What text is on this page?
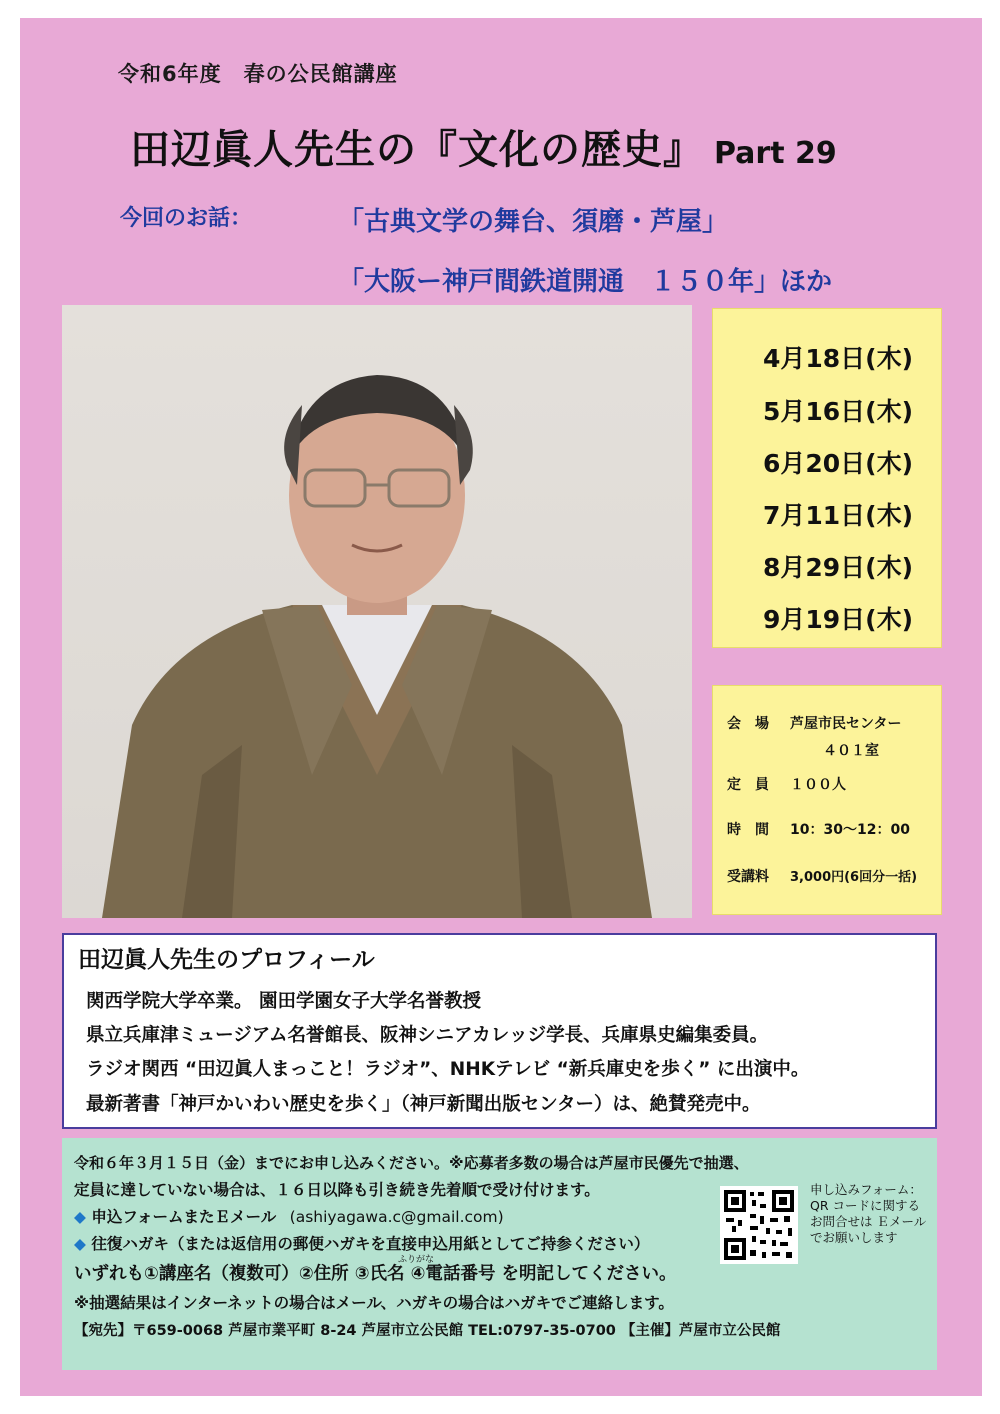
令和6年度　春の公民館講座
田辺眞人先生の『文化の歴史』 Part 29
今回のお話：	「古典文学の舞台、須磨・芦屋」
「大阪ー神戸間鉄道開通　１５０年」ほか
4月18日(木)
5月16日(木)
6月20日(木)
7月11日(木)
8月29日(木)
9月19日(木)
会　場 芦屋市民センター
４０１室
定　員 １００人
時　間 10：30〜12：00
受講料 3,000円(6回分一括)
田辺眞人先生のプロフィール
関西学院大学卒業。 園田学園女子大学名誉教授
県立兵庫津ミュージアム名誉館長、阪神シニアカレッジ学長、兵庫県史編集委員。
ラジオ関西 “田辺眞人まっこと！ラジオ”、NHKテレビ “新兵庫史を歩く” に出演中。
最新著書「神戸かいわい歴史を歩く」（神戸新聞出版センター）は、絶賛発売中。
令和６年３月１５日（金）までにお申し込みください。※応募者多数の場合は芦屋市民優先で抽選、
定員に達していない場合は、１６日以降も引き続き先着順で受け付けます。
◆ 申込フォームまたＥメール (ashiyagawa.c@gmail.com)
◆ 往復ハガキ（または返信用の郵便ハガキを直接申込用紙としてご持参ください）
ふりがな
いずれも①講座名（複数可）②住所 ③氏名 ④電話番号 を明記してください。
※抽選結果はインターネットの場合はメール、ハガキの場合はハガキでご連絡します。
【宛先】〒659-0068 芦屋市業平町 8-24 芦屋市立公民館 TEL:0797-35-0700 【主催】芦屋市立公民館
申し込みフォーム：QR コードに関するお問合せは Ｅメールでお願いします
